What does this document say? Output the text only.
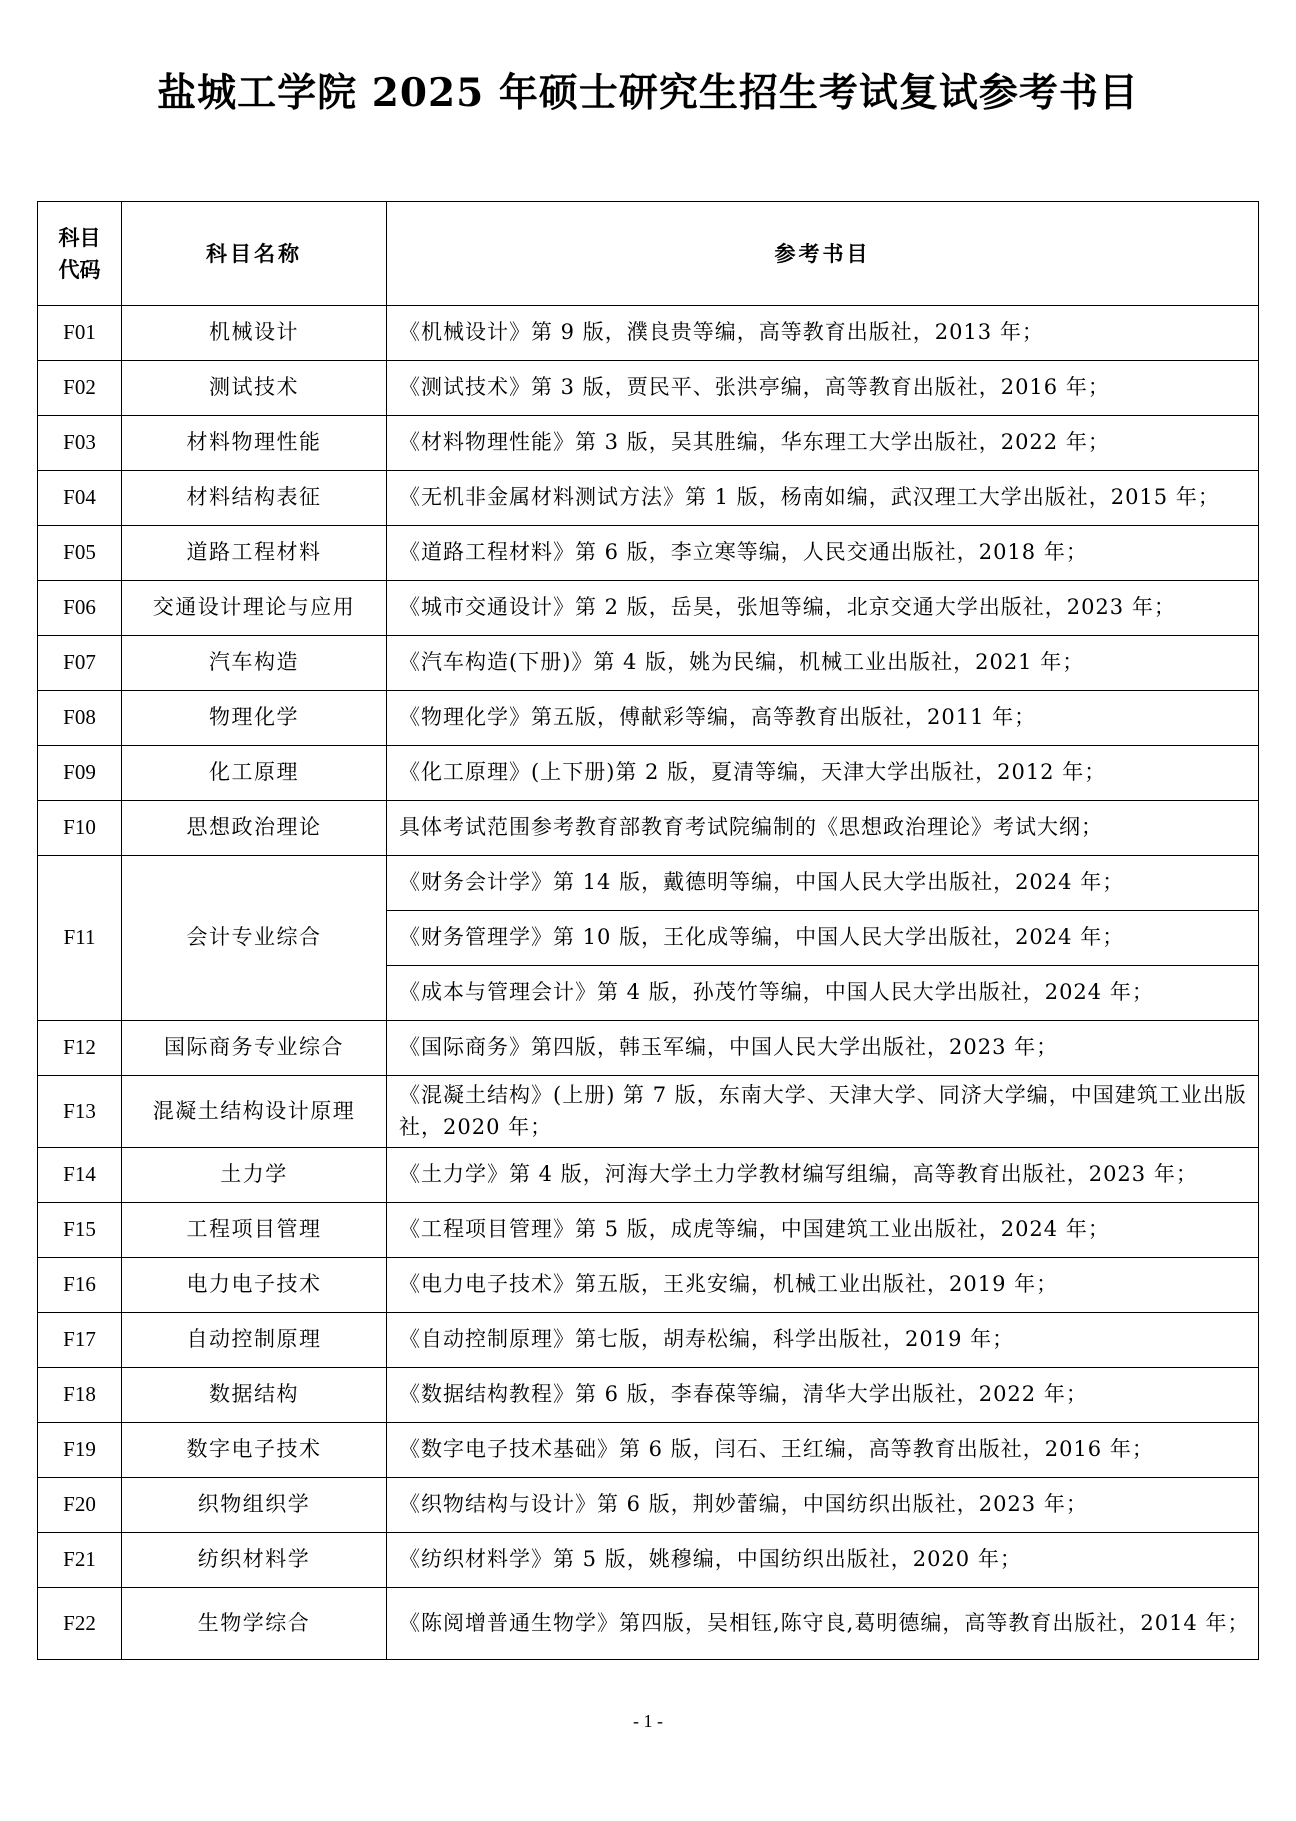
盐城工学院 2025 年硕士研究生招生考试复试参考书目
科目
代码	科目名称	参考书目
F01	机械设计	《机械设计》第 9 版，濮良贵等编，高等教育出版社，2013 年；
F02	测试技术	《测试技术》第 3 版，贾民平、张洪亭编，高等教育出版社，2016 年；
F03	材料物理性能	《材料物理性能》第 3 版，吴其胜编，华东理工大学出版社，2022 年；
F04	材料结构表征	《无机非金属材料测试方法》第 1 版，杨南如编，武汉理工大学出版社，2015 年；
F05	道路工程材料	《道路工程材料》第 6 版，李立寒等编，人民交通出版社，2018 年；
F06	交通设计理论与应用	《城市交通设计》第 2 版，岳昊，张旭等编，北京交通大学出版社，2023 年；
F07	汽车构造	《汽车构造(下册)》第 4 版，姚为民编，机械工业出版社，2021 年；
F08	物理化学	《物理化学》第五版，傅献彩等编，高等教育出版社，2011 年；
F09	化工原理	《化工原理》(上下册)第 2 版，夏清等编，天津大学出版社，2012 年；
F10	思想政治理论	具体考试范围参考教育部教育考试院编制的《思想政治理论》考试大纲；
F11	会计专业综合	《财务会计学》第 14 版，戴德明等编，中国人民大学出版社，2024 年；
		《财务管理学》第 10 版，王化成等编，中国人民大学出版社，2024 年；
		《成本与管理会计》第 4 版，孙茂竹等编，中国人民大学出版社，2024 年；
F12	国际商务专业综合	《国际商务》第四版，韩玉军编，中国人民大学出版社，2023 年；
F13	混凝土结构设计原理	《混凝土结构》(上册) 第 7 版，东南大学、天津大学、同济大学编，中国建筑工业出版社，2020 年；
F14	土力学	《土力学》第 4 版，河海大学土力学教材编写组编，高等教育出版社，2023 年；
F15	工程项目管理	《工程项目管理》第 5 版，成虎等编，中国建筑工业出版社，2024 年；
F16	电力电子技术	《电力电子技术》第五版，王兆安编，机械工业出版社，2019 年；
F17	自动控制原理	《自动控制原理》第七版，胡寿松编，科学出版社，2019 年；
F18	数据结构	《数据结构教程》第 6 版，李春葆等编，清华大学出版社，2022 年；
F19	数字电子技术	《数字电子技术基础》第 6 版，闫石、王红编，高等教育出版社，2016 年；
F20	织物组织学	《织物结构与设计》第 6 版，荆妙蕾编，中国纺织出版社，2023 年；
F21	纺织材料学	《纺织材料学》第 5 版，姚穆编，中国纺织出版社，2020 年；
F22	生物学综合	《陈阅增普通生物学》第四版，吴相钰,陈守良,葛明德编，高等教育出版社，2014 年；
- 1 -
